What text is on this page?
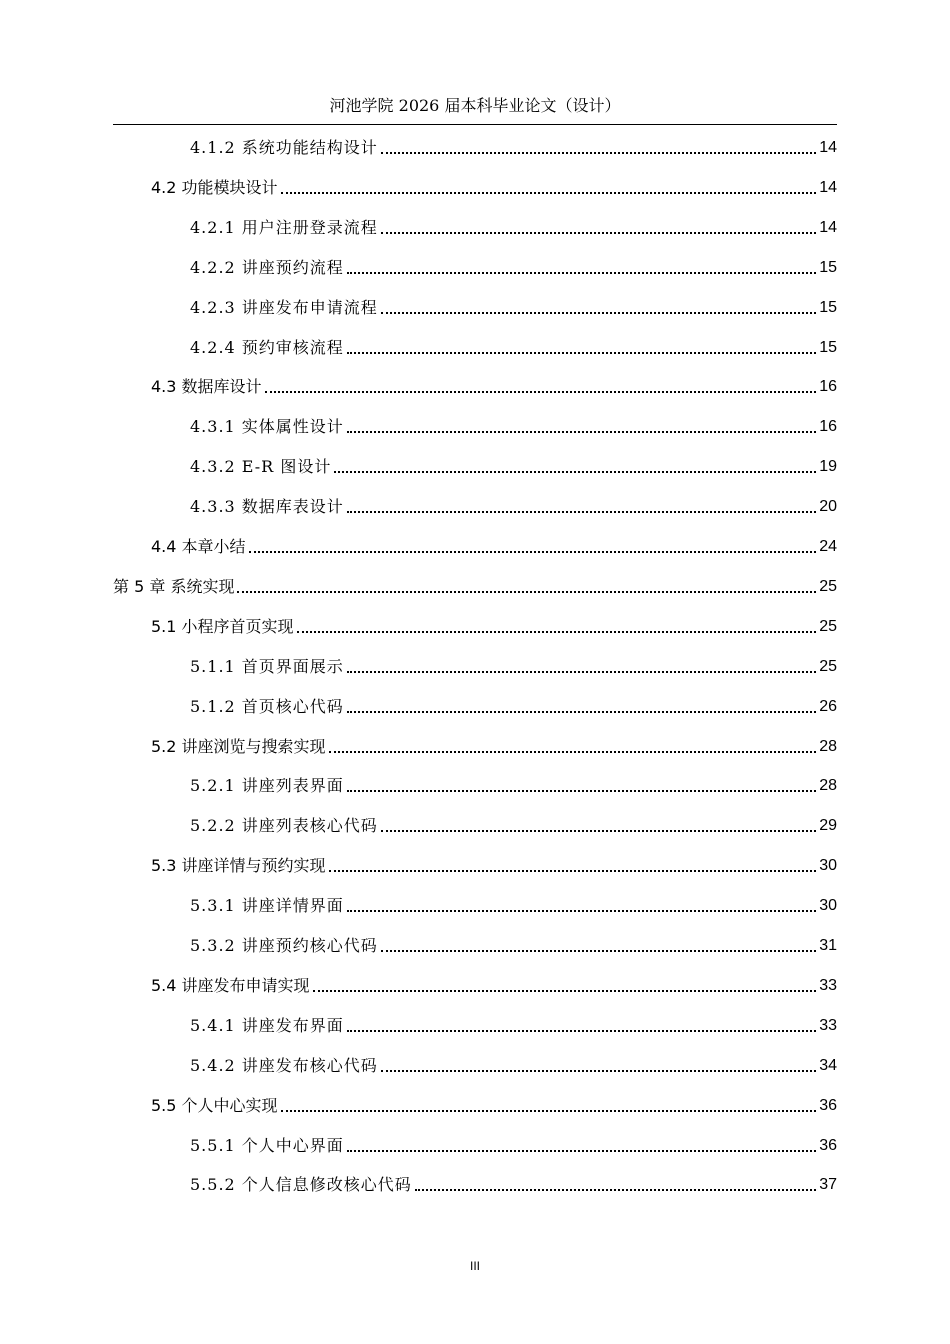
河池学院 2026 届本科毕业论文（设计）
4.1.2 系统功能结构设计	14
4.2 功能模块设计	14
4.2.1 用户注册登录流程	14
4.2.2 讲座预约流程	15
4.2.3 讲座发布申请流程	15
4.2.4 预约审核流程	15
4.3 数据库设计	16
4.3.1 实体属性设计	16
4.3.2 E-R 图设计	19
4.3.3 数据库表设计	20
4.4 本章小结	24
第 5 章 系统实现	25
5.1 小程序首页实现	25
5.1.1 首页界面展示	25
5.1.2 首页核心代码	26
5.2 讲座浏览与搜索实现	28
5.2.1 讲座列表界面	28
5.2.2 讲座列表核心代码	29
5.3 讲座详情与预约实现	30
5.3.1 讲座详情界面	30
5.3.2 讲座预约核心代码	31
5.4 讲座发布申请实现	33
5.4.1 讲座发布界面	33
5.4.2 讲座发布核心代码	34
5.5 个人中心实现	36
5.5.1 个人中心界面	36
5.5.2 个人信息修改核心代码	37
III
